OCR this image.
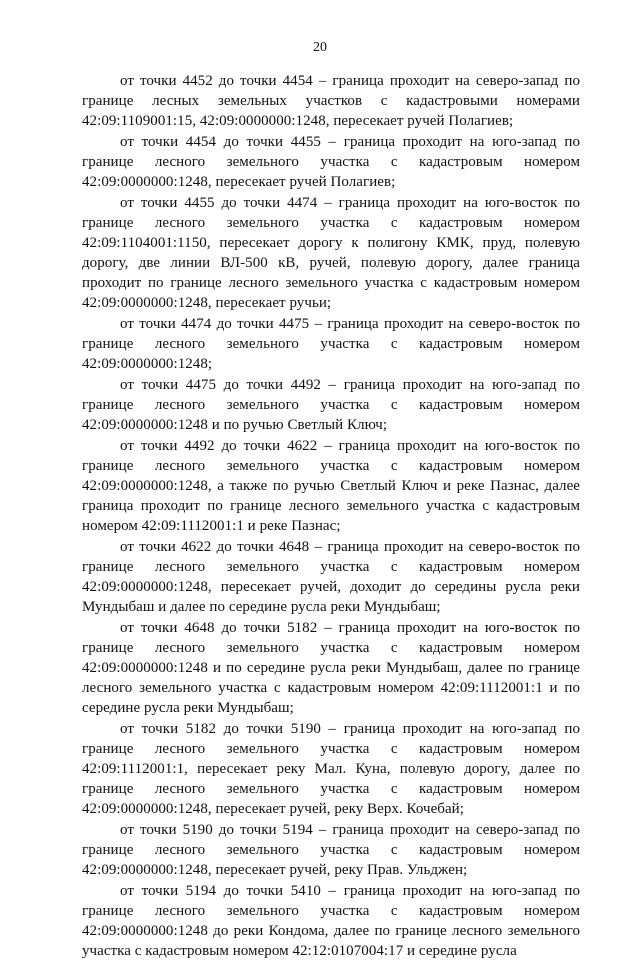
20

от точки 4452 до точки 4454 – граница проходит на северо-запад по границе лесных земельных участков с кадастровыми номерами 42:09:1109001:15, 42:09:0000000:1248, пересекает ручей Полагиев;

от точки 4454 до точки 4455 – граница проходит на юго-запад по границе лесного земельного участка с кадастровым номером 42:09:0000000:1248, пересекает ручей Полагиев;

от точки 4455 до точки 4474 – граница проходит на юго-восток по границе лесного земельного участка с кадастровым номером 42:09:1104001:1150, пересекает дорогу к полигону КМК, пруд, полевую дорогу, две линии ВЛ-500 кВ, ручей, полевую дорогу, далее граница проходит по границе лесного земельного участка с кадастровым номером 42:09:0000000:1248, пересекает ручьи;

от точки 4474 до точки 4475 – граница проходит на северо-восток по границе лесного земельного участка с кадастровым номером 42:09:0000000:1248;

от точки 4475 до точки 4492 – граница проходит на юго-запад по границе лесного земельного участка с кадастровым номером 42:09:0000000:1248 и по ручью Светлый Ключ;

от точки 4492 до точки 4622 – граница проходит на юго-восток по границе лесного земельного участка с кадастровым номером 42:09:0000000:1248, а также по ручью Светлый Ключ и реке Пазнас, далее граница проходит по границе лесного земельного участка с кадастровым номером 42:09:1112001:1 и реке Пазнас;

от точки 4622 до точки 4648 – граница проходит на северо-восток по границе лесного земельного участка с кадастровым номером 42:09:0000000:1248, пересекает ручей, доходит до середины русла реки Мундыбаш и далее по середине русла реки Мундыбаш;

от точки 4648 до точки 5182 – граница проходит на юго-восток по границе лесного земельного участка с кадастровым номером 42:09:0000000:1248 и по середине русла реки Мундыбаш, далее по границе лесного земельного участка с кадастровым номером 42:09:1112001:1 и по середине русла реки Мундыбаш;

от точки 5182 до точки 5190 – граница проходит на юго-запад по границе лесного земельного участка с кадастровым номером 42:09:1112001:1, пересекает реку Мал. Куна, полевую дорогу, далее по границе лесного земельного участка с кадастровым номером 42:09:0000000:1248, пересекает ручей, реку Верх. Кочебай;

от точки 5190 до точки 5194 – граница проходит на северо-запад по границе лесного земельного участка с кадастровым номером 42:09:0000000:1248, пересекает ручей, реку Прав. Ульджен;

от точки 5194 до точки 5410 – граница проходит на юго-запад по границе лесного земельного участка с кадастровым номером 42:09:0000000:1248 до реки Кондома, далее по границе лесного земельного участка с кадастровым номером 42:12:0107004:17 и середине русла
